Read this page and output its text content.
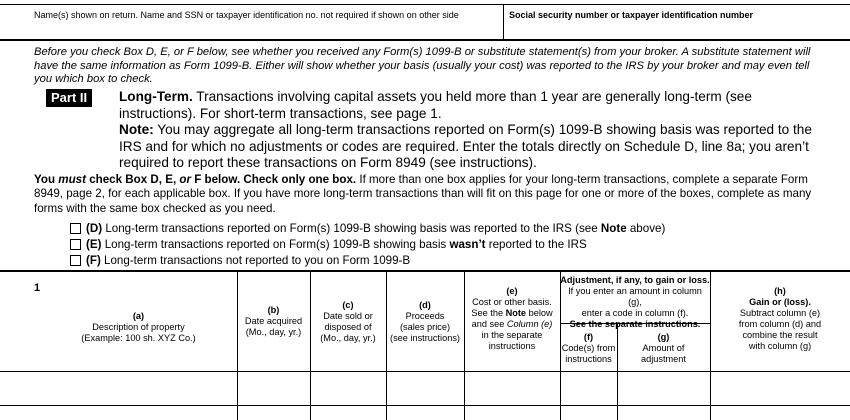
Name(s) shown on return. Name and SSN or taxpayer identification no. not required if shown on other side	Social security number or taxpayer identification number
Before you check Box D, E, or F below, see whether you received any Form(s) 1099-B or substitute statement(s) from your broker. A substitute statement will have the same information as Form 1099-B. Either will show whether your basis (usually your cost) was reported to the IRS by your broker and may even tell you which box to check.
Part II	Long-Term. Transactions involving capital assets you held more than 1 year are generally long-term (see instructions). For short-term transactions, see page 1.
Note: You may aggregate all long-term transactions reported on Form(s) 1099-B showing basis was reported to the IRS and for which no adjustments or codes are required. Enter the totals directly on Schedule D, line 8a; you aren’t required to report these transactions on Form 8949 (see instructions).
You must check Box D, E, or F below. Check only one box. If more than one box applies for your long-term transactions, complete a separate Form 8949, page 2, for each applicable box. If you have more long-term transactions than will fit on this page for one or more of the boxes, complete as many forms with the same box checked as you need.
(D) Long-term transactions reported on Form(s) 1099-B showing basis was reported to the IRS (see Note above)
(E) Long-term transactions reported on Form(s) 1099-B showing basis wasn’t reported to the IRS
(F) Long-term transactions not reported to you on Form 1099-B
1
(a)
Description of property
(Example: 100 sh. XYZ Co.)
(b)
Date acquired
(Mo., day, yr.)
(c)
Date sold or
disposed of
(Mo., day, yr.)
(d)
Proceeds
(sales price)
(see instructions)
(e)
Cost or other basis.
See the Note below
and see Column (e)
in the separate
instructions
Adjustment, if any, to gain or loss.
If you enter an amount in column (g),
enter a code in column (f).
See the separate instructions.
(f)
Code(s) from
instructions
(g)
Amount of
adjustment
(h)
Gain or (loss).
Subtract column (e)
from column (d) and
combine the result
with column (g)
